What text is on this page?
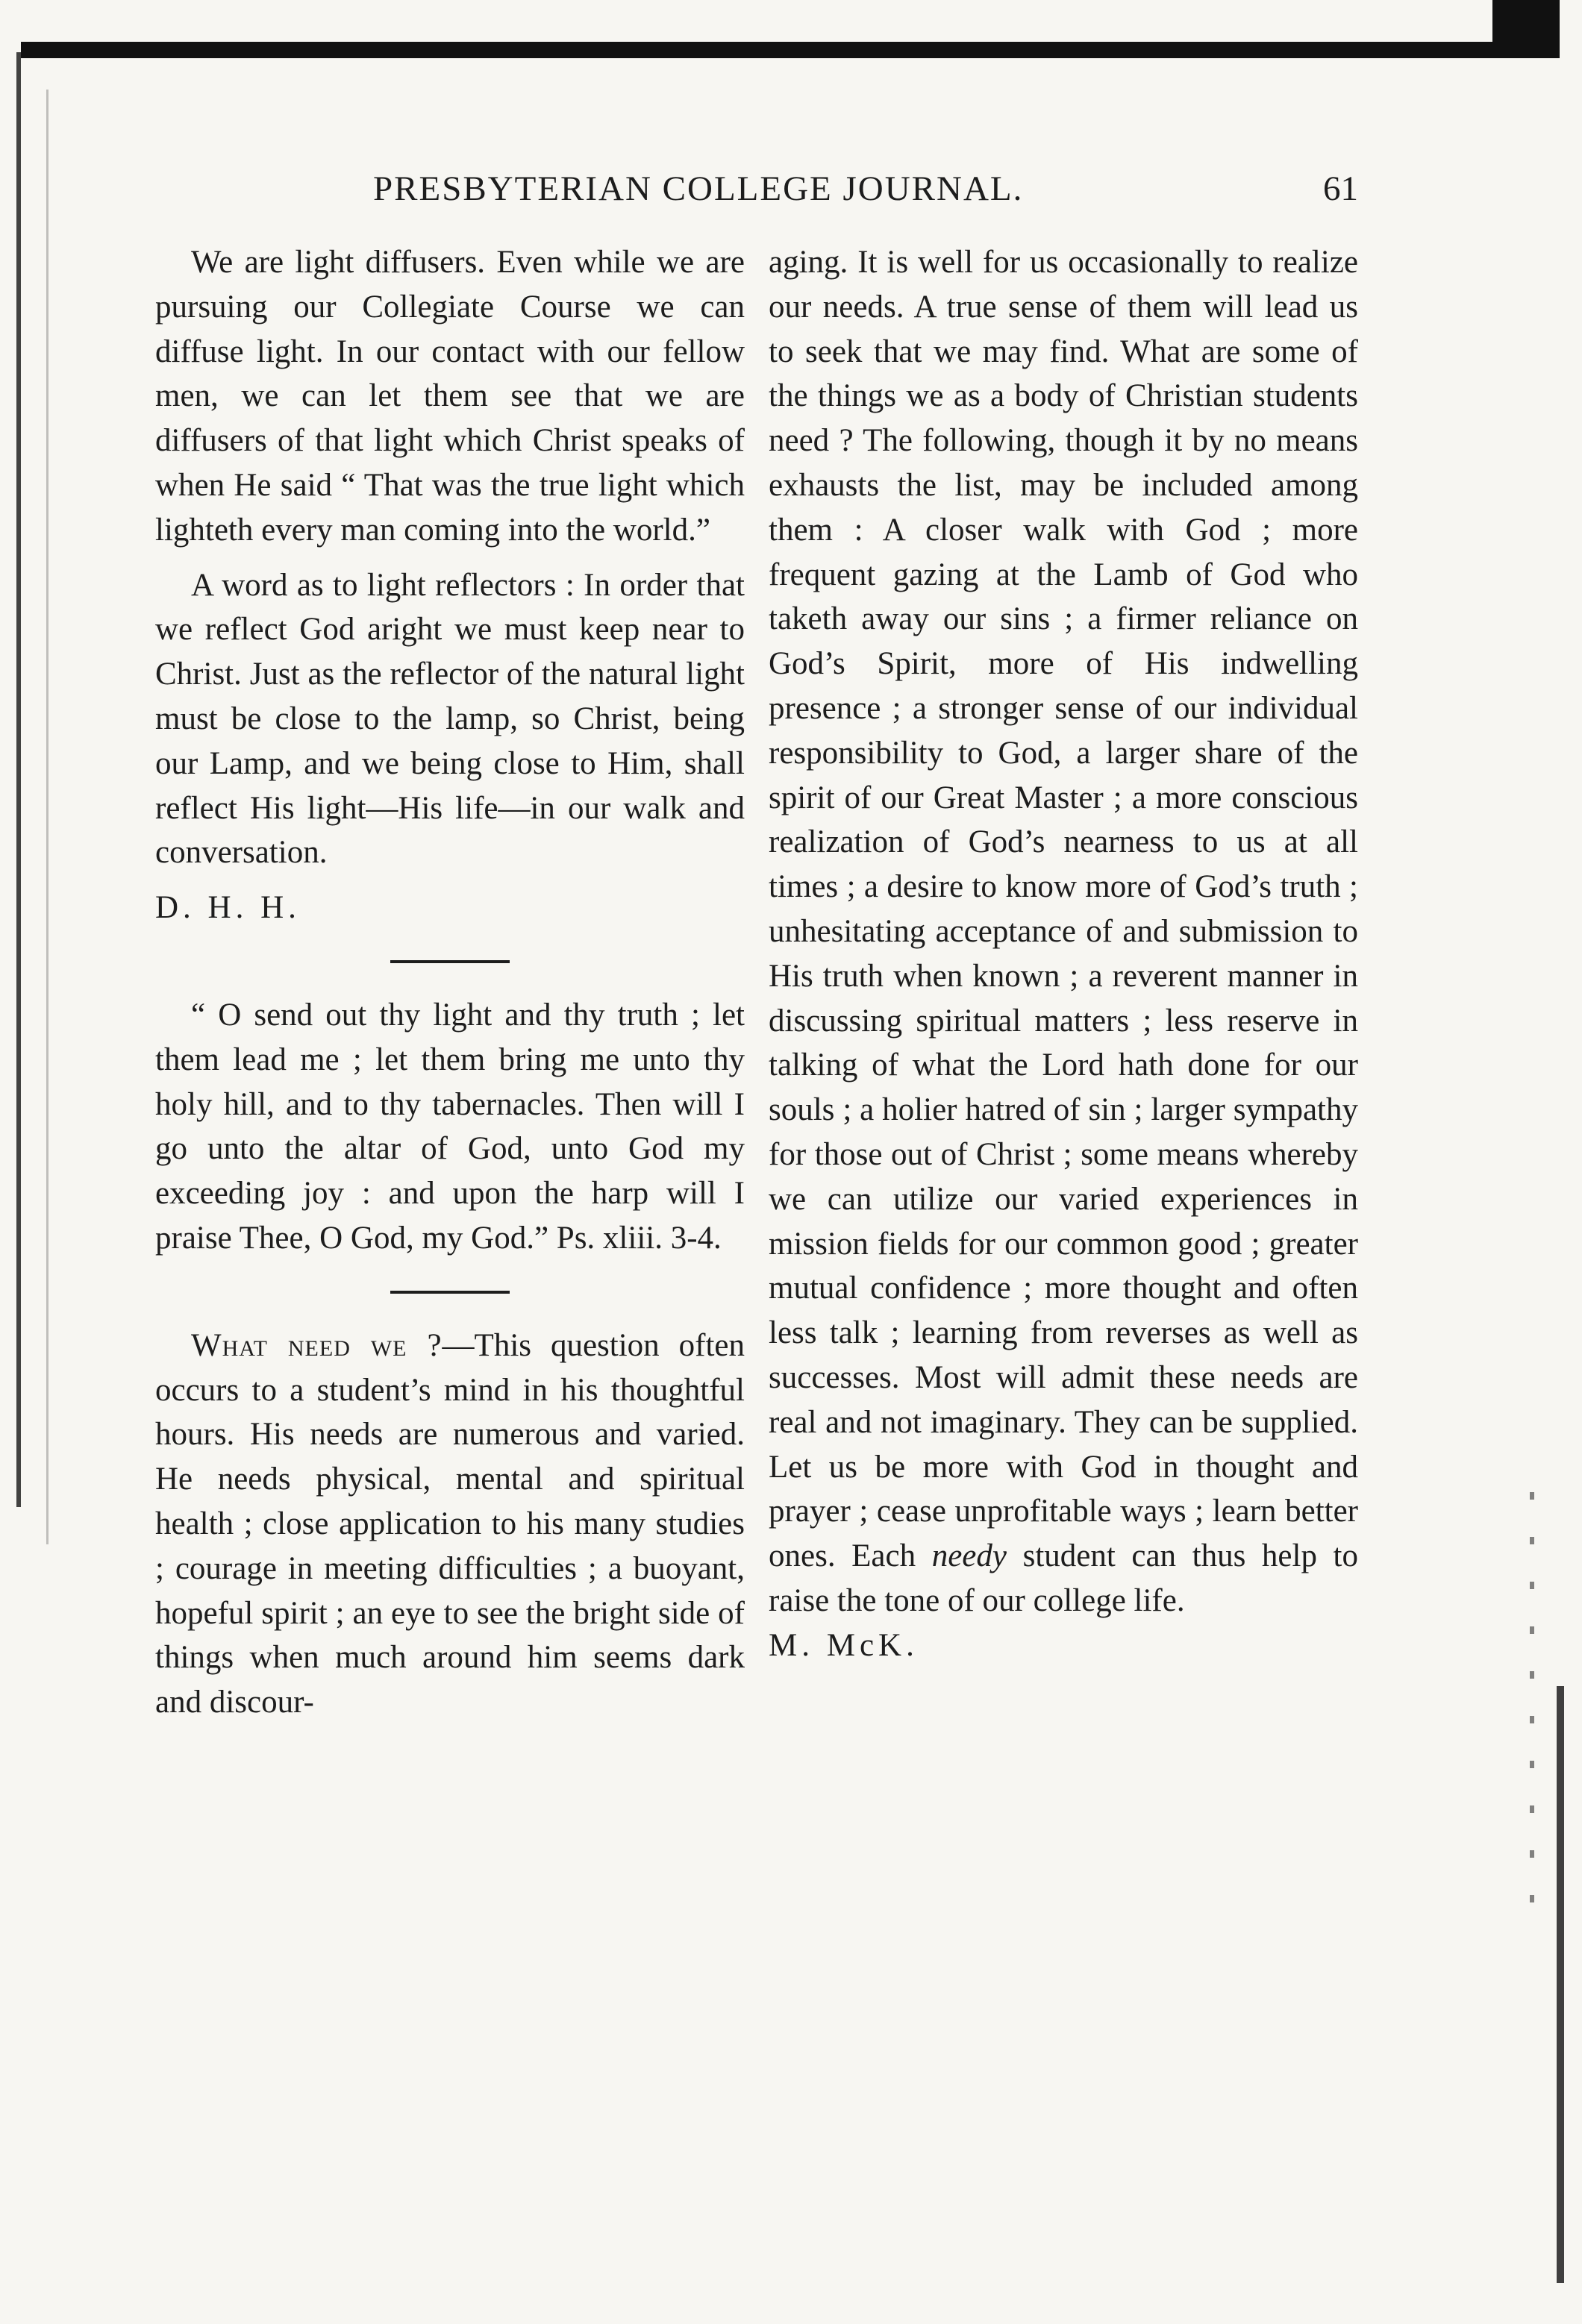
PRESBYTERIAN COLLEGE JOURNAL.	61

We are light diffusers. Even while we are pursuing our Collegiate Course we can diffuse light. In our contact with our fellow men, we can let them see that we are diffusers of that light which Christ speaks of when He said “ That was the true light which lighteth every man coming into the world.”

A word as to light reflectors : In order that we reflect God aright we must keep near to Christ. Just as the reflector of the natural light must be close to the lamp, so Christ, being our Lamp, and we being close to Him, shall reflect His light—His life—in our walk and conversation.

D. H. H.

“ O send out thy light and thy truth ; let them lead me ; let them bring me unto thy holy hill, and to thy tabernacles. Then will I go unto the altar of God, unto God my exceeding joy : and upon the harp will I praise Thee, O God, my God.” Ps. xliii. 3-4.

What need we ?—This question often occurs to a student’s mind in his thoughtful hours. His needs are numerous and varied. He needs physical, mental and spiritual health ; close application to his many studies ; courage in meeting difficulties ; a buoyant, hopeful spirit ; an eye to see the bright side of things when much around him seems dark and discour-

aging. It is well for us occasionally to realize our needs. A true sense of them will lead us to seek that we may find. What are some of the things we as a body of Christian students need ? The following, though it by no means exhausts the list, may be included among them : A closer walk with God ; more frequent gazing at the Lamb of God who taketh away our sins ; a firmer reliance on God’s Spirit, more of His indwelling presence ; a stronger sense of our individual responsibility to God, a larger share of the spirit of our Great Master ; a more conscious realization of God’s nearness to us at all times ; a desire to know more of God’s truth ; unhesitating acceptance of and submission to His truth when known ; a reverent manner in discussing spiritual matters ; less reserve in talking of what the Lord hath done for our souls ; a holier hatred of sin ; larger sympathy for those out of Christ ; some means whereby we can utilize our varied experiences in mission fields for our common good ; greater mutual confidence ; more thought and often less talk ; learning from reverses as well as successes. Most will admit these needs are real and not imaginary. They can be supplied. Let us be more with God in thought and prayer ; cease unprofitable ways ; learn better ones. Each needy student can thus help to raise the tone of our college life.

M. McK.
